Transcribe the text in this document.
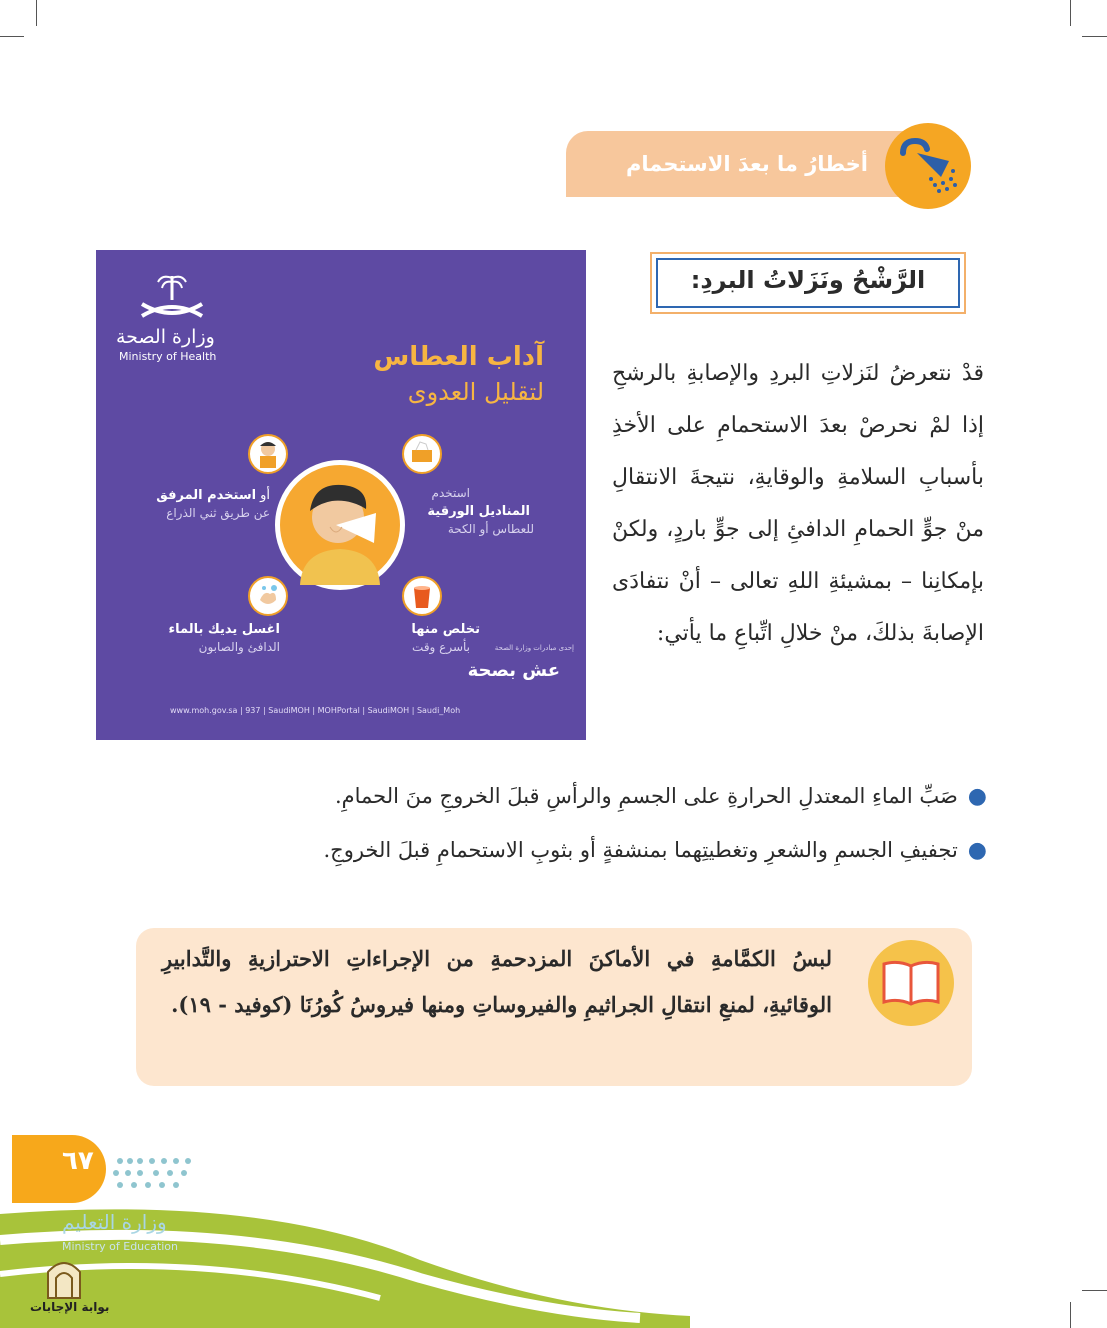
أخطارُ ما بعدَ الاستحمام
الرَّشْحُ ونَزَلاتُ البردِ:
قدْ نتعرضُ لنَزلاتِ البردِ والإصابةِ بالرشحِ إذا لمْ نحرصْ بعدَ الاستحمامِ على الأخذِ بأسبابِ السلامةِ والوقايةِ، نتيجةَ الانتقالِ منْ جوٍّ الحمامِ الدافئِ إلى جوٍّ باردٍ، ولكنْ بإمكانِنا – بمشيئةِ اللهِ تعالى – أنْ نتفادَى الإصابةَ بذلكَ، منْ خلالِ اتِّباعِ ما يأتي:
●صَبِّ الماءِ المعتدلِ الحرارةِ على الجسمِ والرأسِ قبلَ الخروجِ منَ الحمامِ.
●تجفيفِ الجسمِ والشعرِ وتغطيتِهما بمنشفةٍ أو بثوبِ الاستحمامِ قبلَ الخروجِ.
وزارة الصحة
Ministry of Health	آداب العطاس
لتقليل العدوى
استخدم
المناديل الورقية
للعطاس أو الكحة
أواستخدم المرفق
عن طريق ثني الذراع
تخلص منها
بأسرع وقت
اغسل يديك بالماء
الدافئ والصابون	إحدى مبادرات وزارة الصحة
عش بصحة
www.moh.gov.sa | 937 | SaudiMOH | MOHPortal | SaudiMOH | Saudi_Moh
لبسُ الكمَّامةِ في الأماكنَ المزدحمةِ من الإجراءاتِ الاحترازيةِ والتَّدابيرِ الوقائيةِ، لمنعِ انتقالِ الجراثيمِ والفيروساتِ ومنها فيروسُ كُورُنَا (كوفيد - ١٩).
٦٧
وزارة التعليم
Ministry of Education
بوابة الإجابات
